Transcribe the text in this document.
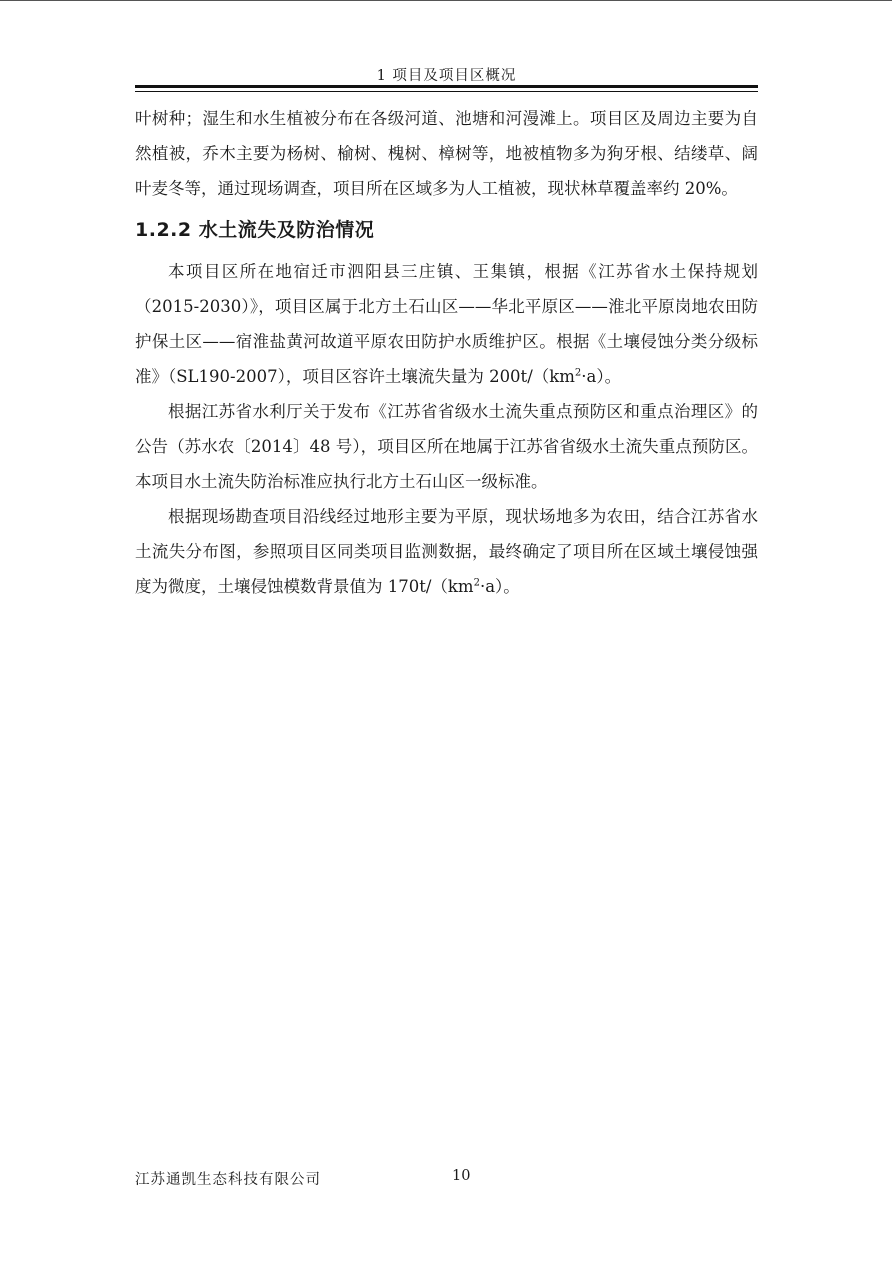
1 项目及项目区概况

叶树种；湿生和水生植被分布在各级河道、池塘和河漫滩上。项目区及周边主要为自然植被，乔木主要为杨树、榆树、槐树、樟树等，地被植物多为狗牙根、结缕草、阔叶麦冬等，通过现场调查，项目所在区域多为人工植被，现状林草覆盖率约 20%。

1.2.2 水土流失及防治情况

本项目区所在地宿迁市泗阳县三庄镇、王集镇，根据《江苏省水土保持规划（2015-2030）》，项目区属于北方土石山区——华北平原区——淮北平原岗地农田防护保土区——宿淮盐黄河故道平原农田防护水质维护区。根据《土壤侵蚀分类分级标准》（SL190-2007），项目区容许土壤流失量为 $200t/(km^2\cdot a)$。

根据江苏省水利厅关于发布《江苏省省级水土流失重点预防区和重点治理区》的公告（苏水农〔2014〕48 号），项目区所在地属于江苏省省级水土流失重点预防区。本项目水土流失防治标准应执行北方土石山区一级标准。

根据现场勘查项目沿线经过地形主要为平原，现状场地多为农田，结合江苏省水土流失分布图，参照项目区同类项目监测数据，最终确定了项目所在区域土壤侵蚀强度为微度，土壤侵蚀模数背景值为 $170t/(km^2\cdot a)$。

江苏通凯生态科技有限公司	10
